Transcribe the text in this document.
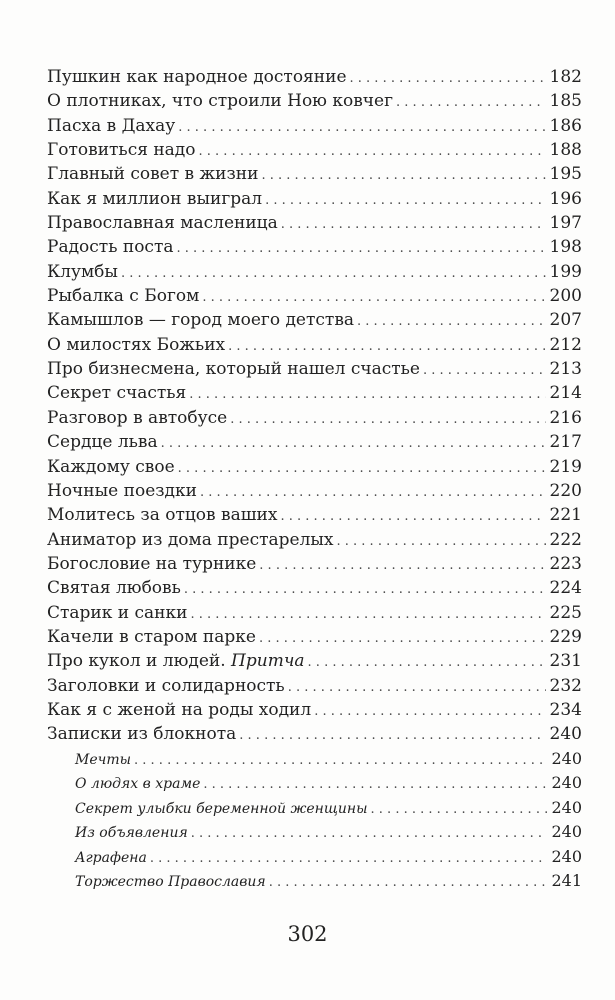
Пушкин как народное достояние . . .	182
О плотниках, что строили Ною ковчег . . .	185
Пасха в Дахау . . .	186
Готовиться надо . . .	188
Главный совет в жизни . . .	195
Как я миллион выиграл . . .	196
Православная масленица . . .	197
Радость поста . . .	198
Клумбы . . .	199
Рыбалка с Богом . . .	200
Камышлов — город моего детства . . .	207
О милостях Божьих . . .	212
Про бизнесмена, который нашел счастье . . .	213
Секрет счастья . . .	214
Разговор в автобусе . . .	216
Сердце льва . . .	217
Каждому свое . . .	219
Ночные поездки . . .	220
Молитесь за отцов ваших . . .	221
Аниматор из дома престарелых . . .	222
Богословие на турнике . . .	223
Святая любовь . . .	224
Старик и санки . . .	225
Качели в старом парке . . .	229
Про кукол и людей. Притча . . .	231
Заголовки и солидарность . . .	232
Как я с женой на роды ходил . . .	234
Записки из блокнота . . .	240
Мечты . . .	240
О людях в храме . . .	240
Секрет улыбки беременной женщины . . .	240
Из объявления . . .	240
Аграфена . . .	240
Торжество Православия . . .	241
302
